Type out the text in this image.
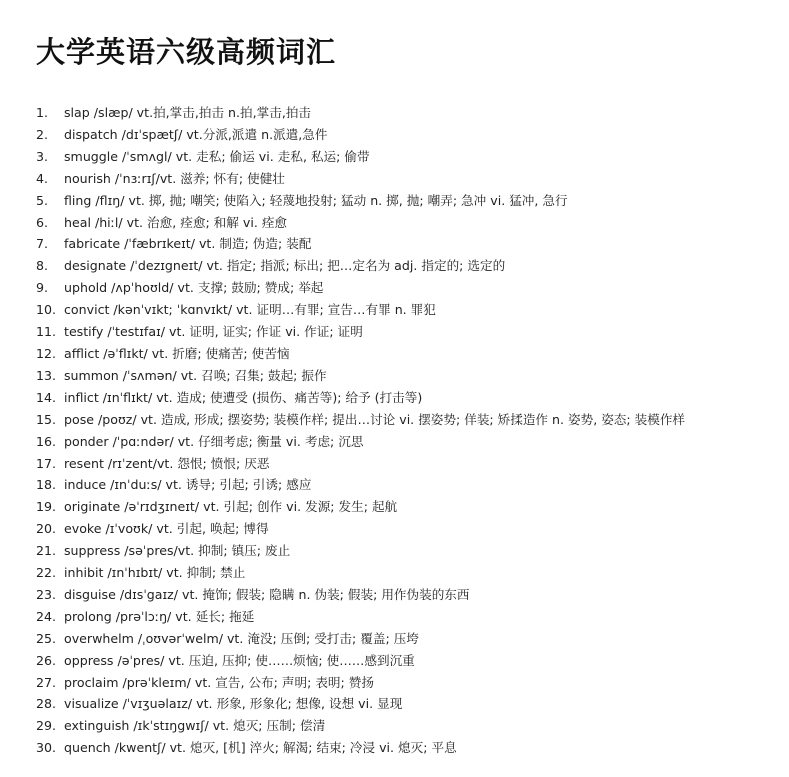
大学英语六级高频词汇
1. slap /slæp/ vt.拍,掌击,拍击 n.拍,掌击,拍击
2. dispatch /dɪˈspætʃ/ vt.分派,派遣 n.派遣,急件
3. smuggle /ˈsmʌgl/ vt. 走私; 偷运 vi. 走私, 私运; 偷带
4. nourish /ˈnɜːrɪʃ/vt. 滋养; 怀有; 使健壮
5. fling /flɪŋ/ vt. 掷, 抛; 嘲笑; 使陷入; 轻蔑地投射; 猛动 n. 掷, 抛; 嘲弄; 急冲 vi. 猛冲, 急行
6. heal /hiːl/ vt. 治愈, 痊愈; 和解 vi. 痊愈
7. fabricate /ˈfæbrɪkeɪt/ vt. 制造; 伪造; 装配
8. designate /ˈdezɪgneɪt/ vt. 指定; 指派; 标出; 把…定名为 adj. 指定的; 选定的
9. uphold /ʌpˈhoʊld/ vt. 支撑; 鼓励; 赞成; 举起
10. convict /kənˈvɪkt; ˈkɑnvɪkt/ vt. 证明…有罪; 宣告…有罪 n. 罪犯
11. testify /ˈtestɪfaɪ/ vt. 证明, 证实; 作证 vi. 作证; 证明
12. afflict /əˈflɪkt/ vt. 折磨; 使痛苦; 使苦恼
13. summon /ˈsʌmən/ vt. 召唤; 召集; 鼓起; 振作
14. inflict /ɪnˈflɪkt/ vt. 造成; 使遭受 (损伤、痛苦等); 给予 (打击等)
15. pose /poʊz/ vt. 造成, 形成; 摆姿势; 装模作样; 提出…讨论 vi. 摆姿势; 佯装; 矫揉造作 n. 姿势, 姿态; 装模作样
16. ponder /ˈpɑːndər/ vt. 仔细考虑; 衡量 vi. 考虑; 沉思
17. resent /rɪˈzent/vt. 怨恨; 愤恨; 厌恶
18. induce /ɪnˈduːs/ vt. 诱导; 引起; 引诱; 感应
19. originate /əˈrɪdʒɪneɪt/ vt. 引起; 创作 vi. 发源; 发生; 起航
20. evoke /ɪˈvoʊk/ vt. 引起, 唤起; 博得
21. suppress /səˈpres/vt. 抑制; 镇压; 废止
22. inhibit /ɪnˈhɪbɪt/ vt. 抑制; 禁止
23. disguise /dɪsˈgaɪz/ vt. 掩饰; 假装; 隐瞒 n. 伪装; 假装; 用作伪装的东西
24. prolong /prəˈlɔːŋ/ vt. 延长; 拖延
25. overwhelm /ˌoʊvərˈwelm/ vt. 淹没; 压倒; 受打击; 覆盖; 压垮
26. oppress /əˈpres/ vt. 压迫, 压抑; 使……烦恼; 使……感到沉重
27. proclaim /prəˈkleɪm/ vt. 宣告, 公布; 声明; 表明; 赞扬
28. visualize /ˈvɪʒuəlaɪz/ vt. 形象, 形象化; 想像, 设想 vi. 显现
29. extinguish /ɪkˈstɪŋgwɪʃ/ vt. 熄灭; 压制; 偿清
30. quench /kwentʃ/ vt. 熄灭, [机] 淬火; 解渴; 结束; 冷浸 vi. 熄灭; 平息
